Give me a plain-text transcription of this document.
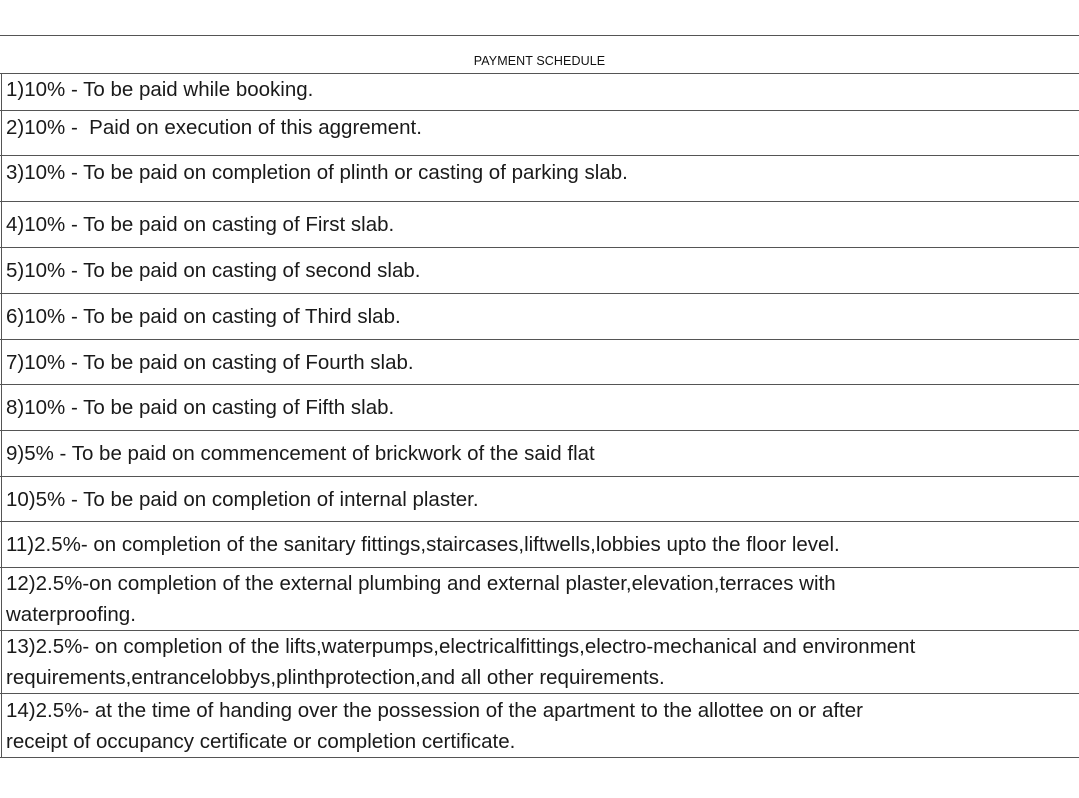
PAYMENT SCHEDULE
1)10% - To be paid while booking.
2)10% -  Paid on execution of this aggrement.
3)10% - To be paid on completion of plinth or casting of parking slab.
4)10% - To be paid on casting of First slab.
5)10% - To be paid on casting of second slab.
6)10% - To be paid on casting of Third slab.
7)10% - To be paid on casting of Fourth slab.
8)10% - To be paid on casting of Fifth slab.
9)5% - To be paid on commencement of brickwork of the said flat
10)5% - To be paid on completion of internal plaster.
11)2.5%- on completion of the sanitary fittings,staircases,liftwells,lobbies upto the floor level.
12)2.5%-on completion of the external plumbing and external plaster,elevation,terraces with
waterproofing.
13)2.5%- on completion of the lifts,waterpumps,electricalfittings,electro-mechanical and environment
requirements,entrancelobbys,plinthprotection,and all other requirements.
14)2.5%- at the time of handing over the possession of the apartment to the allottee on or after
receipt of occupancy certificate or completion certificate.
